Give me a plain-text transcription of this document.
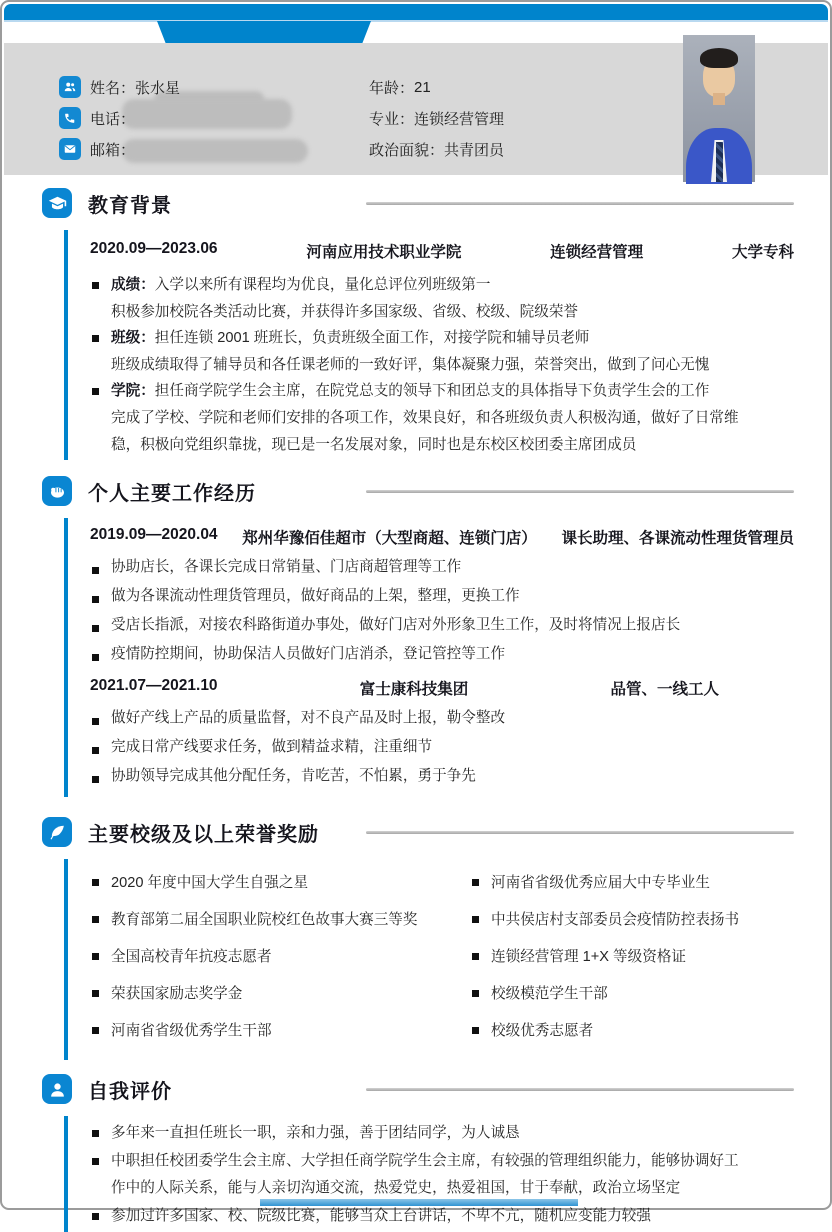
姓名： 张水星
电话：
邮箱：
年龄： 21
专业： 连锁经营管理
政治面貌： 共青团员
教育背景
2020.09—2023.06	河南应用技术职业学院	连锁经营管理	大学专科
成绩：入学以来所有课程均为优良，量化总评位列班级第一
积极参加校院各类活动比赛，并获得许多国家级、省级、校级、院级荣誉
班级：担任连锁 2001 班班长，负责班级全面工作，对接学院和辅导员老师
班级成绩取得了辅导员和各任课老师的一致好评，集体凝聚力强，荣誉突出，做到了问心无愧
学院：担任商学院学生会主席，在院党总支的领导下和团总支的具体指导下负责学生会的工作
完成了学校、学院和老师们安排的各项工作，效果良好，和各班级负责人积极沟通，做好了日常维
稳，积极向党组织靠拢，现已是一名发展对象，同时也是东校区校团委主席团成员
个人主要工作经历
2019.09—2020.04 郑州华豫佰佳超市（大型商超、连锁门店） 课长助理、各课流动性理货管理员
协助店长，各课长完成日常销量、门店商超管理等工作
做为各课流动性理货管理员，做好商品的上架，整理，更换工作
受店长指派，对接农科路街道办事处，做好门店对外形象卫生工作，及时将情况上报店长
疫情防控期间，协助保洁人员做好门店消杀，登记管控等工作
2021.07—2021.10	富士康科技集团	品管、一线工人
做好产线上产品的质量监督，对不良产品及时上报，勒令整改
完成日常产线要求任务，做到精益求精，注重细节
协助领导完成其他分配任务，肯吃苦，不怕累，勇于争先
主要校级及以上荣誉奖励
2020 年度中国大学生自强之星
教育部第二届全国职业院校红色故事大赛三等奖
全国高校青年抗疫志愿者
荣获国家励志奖学金
河南省省级优秀学生干部
河南省省级优秀应届大中专毕业生
中共侯店村支部委员会疫情防控表扬书
连锁经营管理 1+X 等级资格证
校级模范学生干部
校级优秀志愿者
自我评价
多年来一直担任班长一职，亲和力强，善于团结同学，为人诚恳
中职担任校团委学生会主席、大学担任商学院学生会主席，有较强的管理组织能力，能够协调好工
作中的人际关系，能与人亲切沟通交流，热爱党史，热爱祖国，甘于奉献，政治立场坚定
参加过许多国家、校、院级比赛，能够当众上台讲话，不卑不亢，随机应变能力较强
